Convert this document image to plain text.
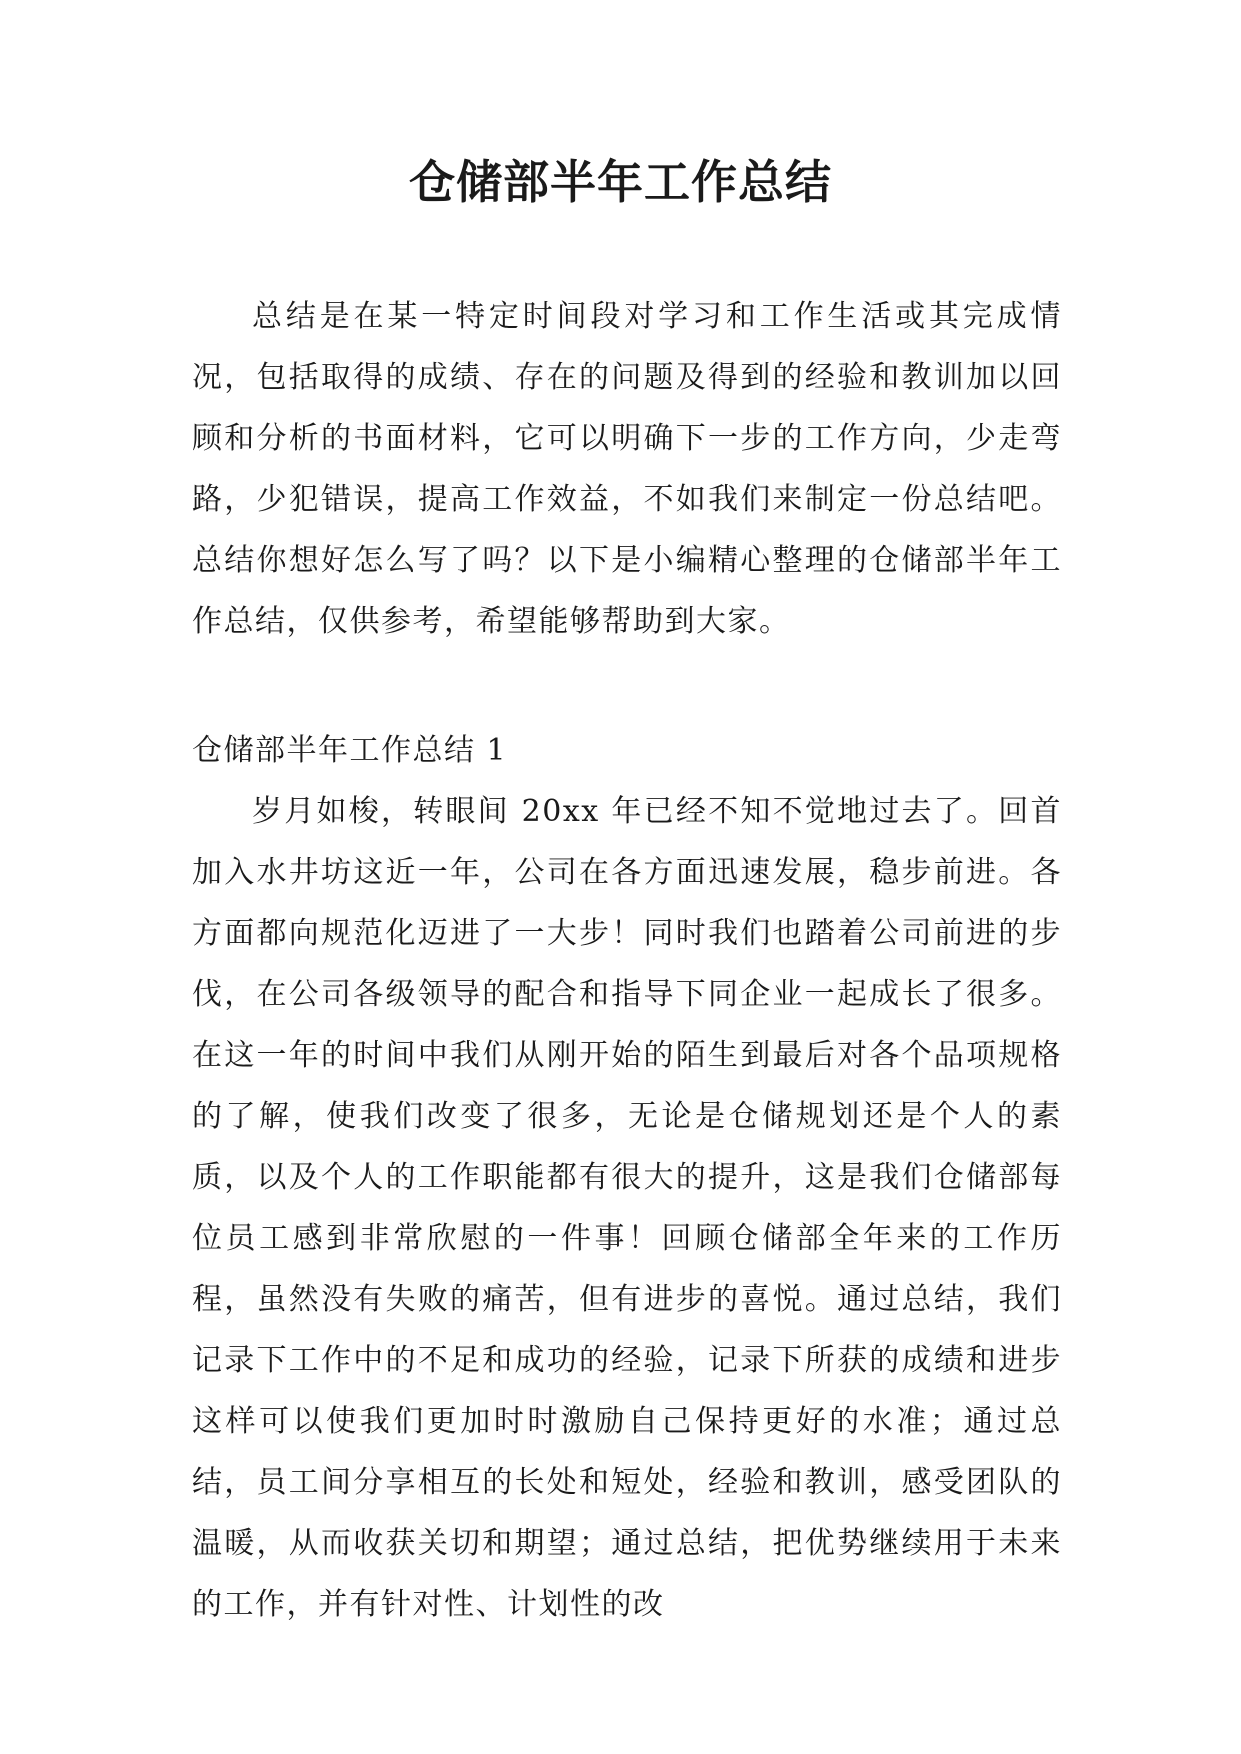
仓储部半年工作总结

总结是在某一特定时间段对学习和工作生活或其完成情况，包括取得的成绩、存在的问题及得到的经验和教训加以回顾和分析的书面材料，它可以明确下一步的工作方向，少走弯路，少犯错误，提高工作效益，不如我们来制定一份总结吧。总结你想好怎么写了吗？以下是小编精心整理的仓储部半年工作总结，仅供参考，希望能够帮助到大家。

仓储部半年工作总结 1

岁月如梭，转眼间 20xx 年已经不知不觉地过去了。回首加入水井坊这近一年，公司在各方面迅速发展，稳步前进。各方面都向规范化迈进了一大步！同时我们也踏着公司前进的步伐，在公司各级领导的配合和指导下同企业一起成长了很多。在这一年的时间中我们从刚开始的陌生到最后对各个品项规格的了解，使我们改变了很多，无论是仓储规划还是个人的素质，以及个人的工作职能都有很大的提升，这是我们仓储部每位员工感到非常欣慰的一件事！回顾仓储部全年来的工作历程，虽然没有失败的痛苦，但有进步的喜悦。通过总结，我们记录下工作中的不足和成功的经验，记录下所获的成绩和进步这样可以使我们更加时时激励自己保持更好的水准；通过总结，员工间分享相互的长处和短处，经验和教训，感受团队的温暖，从而收获关切和期望；通过总结，把优势继续用于未来的工作，并有针对性、计划性的改
